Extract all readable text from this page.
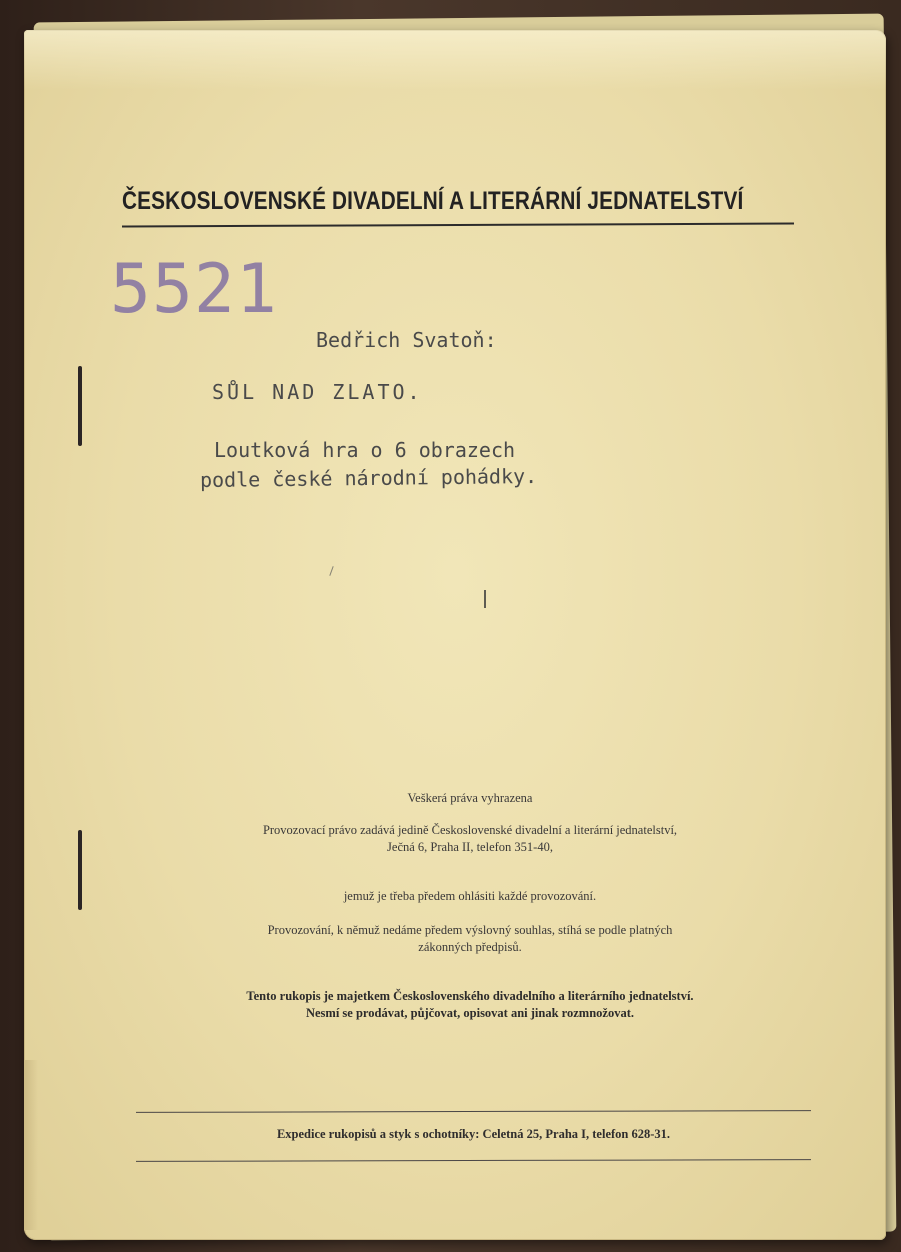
ČESKOSLOVENSKÉ DIVADELNÍ A LITERÁRNÍ JEDNATELSTVÍ
5521
Bedřich Svatoň:
SŮL NAD ZLATO.
Loutková hra o 6 obrazech
podle české národní pohádky.
Veškerá práva vyhrazena
Provozovací právo zadává jedině Československé divadelní a literární jednatelství,
Ječná 6, Praha II, telefon 351-40,
jemuž je třeba předem ohlásiti každé provozování.
Provozování, k němuž nedáme předem výslovný souhlas, stíhá se podle platných
zákonných předpisů.
Tento rukopis je majetkem Československého divadelního a literárního jednatelství.
Nesmí se prodávat, půjčovat, opisovat ani jinak rozmnožovat.
Expedice rukopisů a styk s ochotníky: Celetná 25, Praha I, telefon 628-31.
